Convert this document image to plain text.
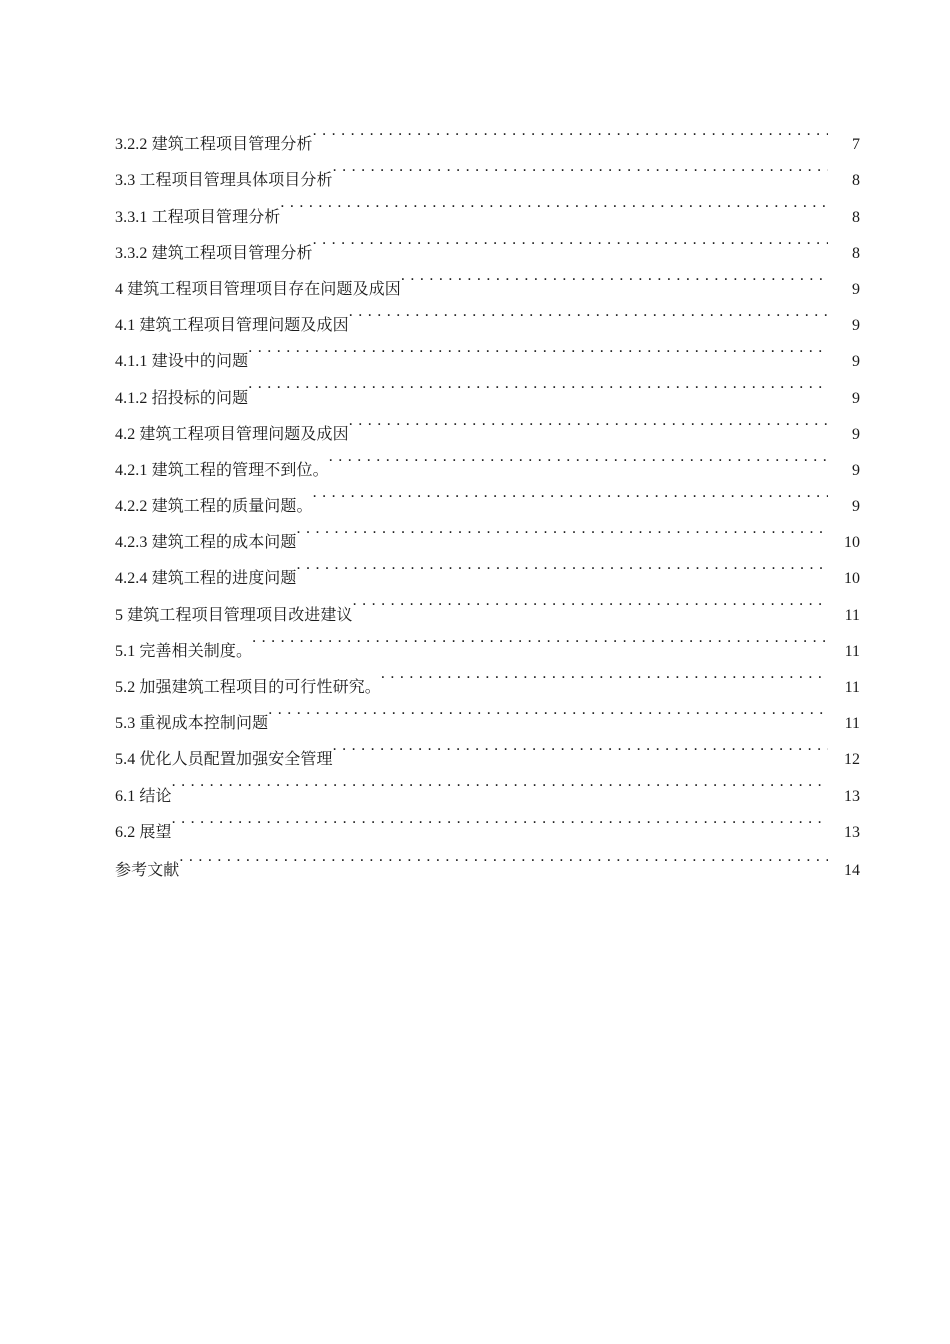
3.2.2 建筑工程项目管理分析 . . .	7
3.3 工程项目管理具体项目分析 . . .	8
3.3.1 工程项目管理分析 . . .	8
3.3.2 建筑工程项目管理分析 . . .	8
4 建筑工程项目管理项目存在问题及成因 . . .	9
4.1 建筑工程项目管理问题及成因 . . .	9
4.1.1 建设中的问题 . . .	9
4.1.2 招投标的问题 . . .	9
4.2 建筑工程项目管理问题及成因 . . .	9
4.2.1 建筑工程的管理不到位。 . . .	9
4.2.2 建筑工程的质量问题。 . . .	9
4.2.3 建筑工程的成本问题 . . .	10
4.2.4 建筑工程的进度问题 . . .	10
5 建筑工程项目管理项目改进建议 . . .	11
5.1 完善相关制度。 . . .	11
5.2 加强建筑工程项目的可行性研究。 . . .	11
5.3 重视成本控制问题 . . .	11
5.4 优化人员配置加强安全管理 . . .	12
6.1 结论 . . .	13
6.2 展望 . . .	13
参考文献 . . .	14
